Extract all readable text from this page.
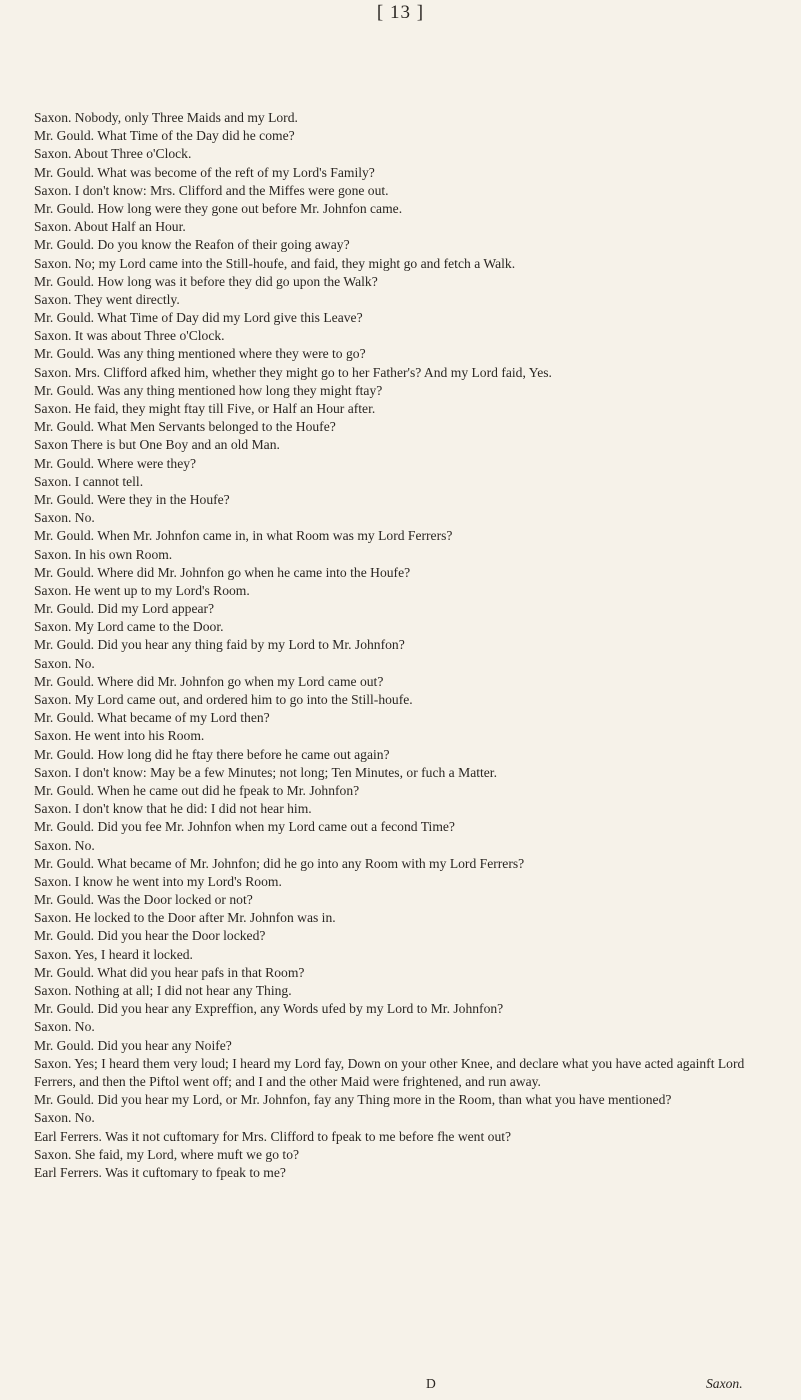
[ 13 ]
Saxon. Nobody, only Three Maids and my Lord.
Mr. Gould. What Time of the Day did he come?
Saxon. About Three o'Clock.
Mr. Gould. What was become of the reft of my Lord's Family?
Saxon. I don't know: Mrs. Clifford and the Miffes were gone out.
Mr. Gould. How long were they gone out before Mr. Johnfon came.
Saxon. About Half an Hour.
Mr. Gould. Do you know the Reafon of their going away?
Saxon. No; my Lord came into the Still-houfe, and faid, they might go and fetch a Walk.
Mr. Gould. How long was it before they did go upon the Walk?
Saxon. They went directly.
Mr. Gould. What Time of Day did my Lord give this Leave?
Saxon. It was about Three o'Clock.
Mr. Gould. Was any thing mentioned where they were to go?
Saxon. Mrs. Clifford afked him, whether they might go to her Father's? And my Lord faid, Yes.
Mr. Gould. Was any thing mentioned how long they might ftay?
Saxon. He faid, they might ftay till Five, or Half an Hour after.
Mr. Gould. What Men Servants belonged to the Houfe?
Saxon There is but One Boy and an old Man.
Mr. Gould. Where were they?
Saxon. I cannot tell.
Mr. Gould. Were they in the Houfe?
Saxon. No.
Mr. Gould. When Mr. Johnfon came in, in what Room was my Lord Ferrers?
Saxon. In his own Room.
Mr. Gould. Where did Mr. Johnfon go when he came into the Houfe?
Saxon. He went up to my Lord's Room.
Mr. Gould. Did my Lord appear?
Saxon. My Lord came to the Door.
Mr. Gould. Did you hear any thing faid by my Lord to Mr. Johnfon?
Saxon. No.
Mr. Gould. Where did Mr. Johnfon go when my Lord came out?
Saxon. My Lord came out, and ordered him to go into the Still-houfe.
Mr. Gould. What became of my Lord then?
Saxon. He went into his Room.
Mr. Gould. How long did he ftay there before he came out again?
Saxon. I don't know: May be a few Minutes; not long; Ten Minutes, or fuch a Matter.
Mr. Gould. When he came out did he fpeak to Mr. Johnfon?
Saxon. I don't know that he did: I did not hear him.
Mr. Gould. Did you fee Mr. Johnfon when my Lord came out a fecond Time?
Saxon. No.
Mr. Gould. What became of Mr. Johnfon; did he go into any Room with my Lord Ferrers?
Saxon. I know he went into my Lord's Room.
Mr. Gould. Was the Door locked or not?
Saxon. He locked to the Door after Mr. Johnfon was in.
Mr. Gould. Did you hear the Door locked?
Saxon. Yes, I heard it locked.
Mr. Gould. What did you hear pafs in that Room?
Saxon. Nothing at all; I did not hear any Thing.
Mr. Gould. Did you hear any Expreffion, any Words ufed by my Lord to Mr. Johnfon?
Saxon. No.
Mr. Gould. Did you hear any Noife?
Saxon. Yes; I heard them very loud; I heard my Lord fay, Down on your other Knee, and declare what you have acted againft Lord Ferrers, and then the Piftol went off; and I and the other Maid were frightened, and run away.
Mr. Gould. Did you hear my Lord, or Mr. Johnfon, fay any Thing more in the Room, than what you have mentioned?
Saxon. No.
Earl Ferrers. Was it not cuftomary for Mrs. Clifford to fpeak to me before fhe went out?
Saxon. She faid, my Lord, where muft we go to?
Earl Ferrers. Was it cuftomary to fpeak to me?
D	Saxon.
